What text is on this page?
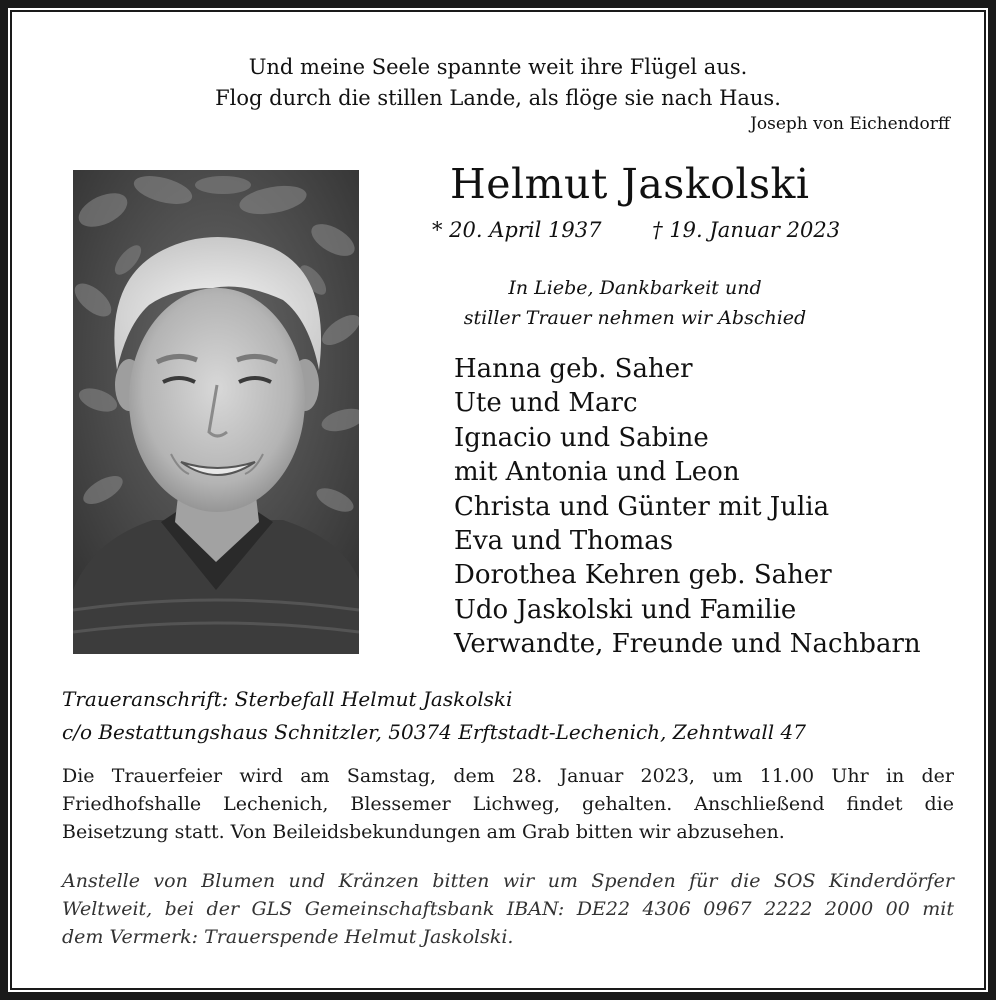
Und meine Seele spannte weit ihre Flügel aus.
Flog durch die stillen Lande, als flöge sie nach Haus.
Joseph von Eichendorff
Helmut Jaskolski
* 20. April 1937 † 19. Januar 2023
In Liebe, Dankbarkeit und
stiller Trauer nehmen wir Abschied
Hanna geb. Saher
Ute und Marc
Ignacio und Sabine
mit Antonia und Leon
Christa und Günter mit Julia
Eva und Thomas
Dorothea Kehren geb. Saher
Udo Jaskolski und Familie
Verwandte, Freunde und Nachbarn
Traueranschrift: Sterbefall Helmut Jaskolski
c/o Bestattungshaus Schnitzler, 50374 Erftstadt-Lechenich, Zehntwall 47
Die Trauerfeier wird am Samstag, dem 28. Januar 2023, um 11.00 Uhr in der
Friedhofshalle Lechenich, Blessemer Lichweg, gehalten. Anschließend findet die
Beisetzung statt. Von Beileidsbekundungen am Grab bitten wir abzusehen.
Anstelle von Blumen und Kränzen bitten wir um Spenden für die SOS Kinderdörfer
Weltweit, bei der GLS Gemeinschaftsbank IBAN: DE22 4306 0967 2222 2000 00 mit
dem Vermerk: Trauerspende Helmut Jaskolski.
